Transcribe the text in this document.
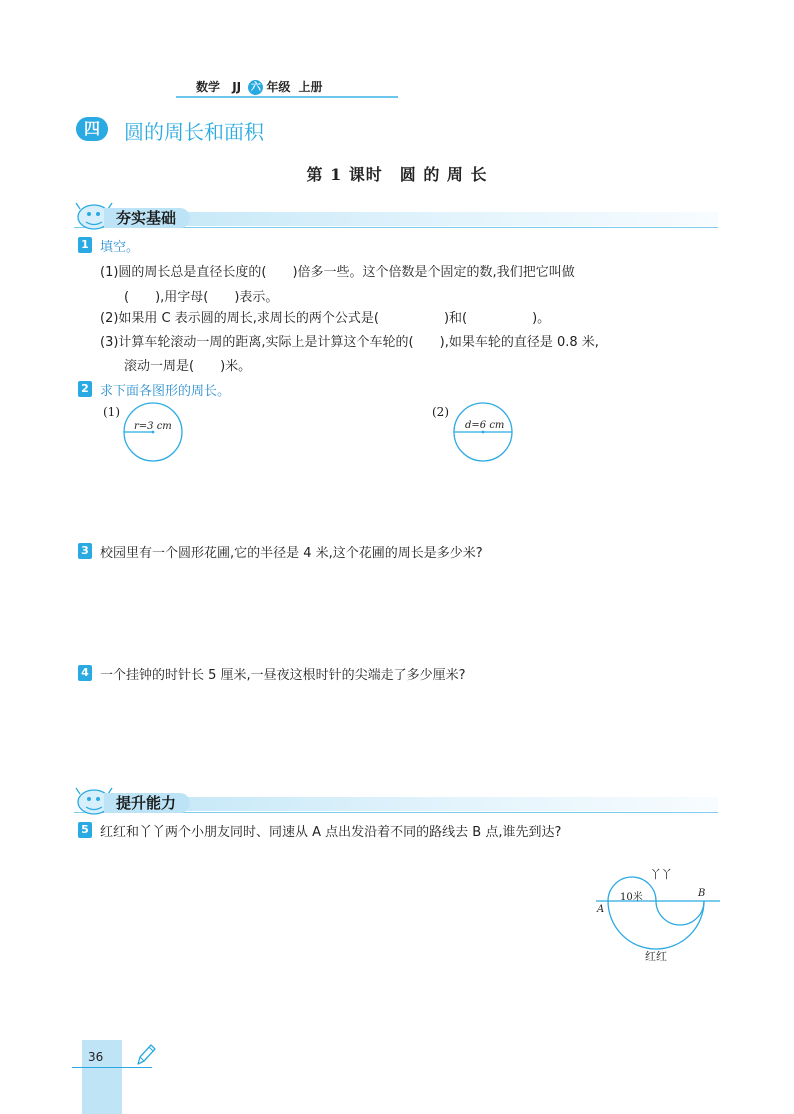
数学 JJ 六 年级 上册
四	圆的周长和面积
第 1 课时　圆 的 周 长
夯实基础
1 填空。
(1)圆的周长总是直径长度的(　　)倍多一些。这个倍数是个固定的数,我们把它叫做
(　　),用字母(　　)表示。
(2)如果用 C 表示圆的周长,求周长的两个公式是(　　　　　)和(　　　　　)。
(3)计算车轮滚动一周的距离,实际上是计算这个车轮的(　　),如果车轮的直径是 0.8 米,
滚动一周是(　　)米。
2 求下面各图形的周长。
(1)
r=3 cm
(2)
d=6 cm
3 校园里有一个圆形花圃,它的半径是 4 米,这个花圃的周长是多少米?
4 一个挂钟的时针长 5 厘米,一昼夜这根时针的尖端走了多少厘米?
提升能力
5 红红和丫丫两个小朋友同时、同速从 A 点出发沿着不同的路线去 B 点,谁先到达?
丫丫
10米
A
B
红红
36
